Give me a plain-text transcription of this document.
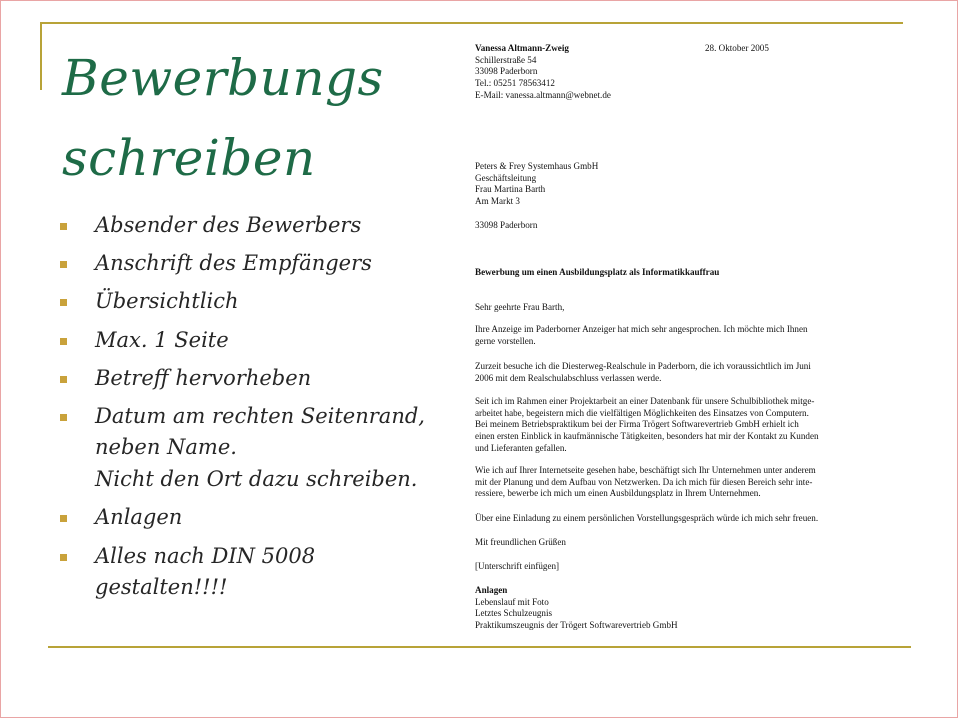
Bewerbungs
schreiben
Absender des Bewerbers
Anschrift des Empfängers
Übersichtlich
Max. 1 Seite
Betreff hervorheben
Datum am rechten Seitenrand, neben Name.
Nicht den Ort dazu schreiben.
Anlagen
Alles nach DIN 5008 gestalten!!!!
Vanessa Altmann-Zweig
Schillerstraße 54
33098 Paderborn
Tel.: 05251 78563412
E-Mail: vanessa.altmann@webnet.de
28. Oktober 2005
Peters & Frey Systemhaus GmbH
Geschäftsleitung
Frau Martina Barth
Am Markt 3
33098 Paderborn
Bewerbung um einen Ausbildungsplatz als Informatikkauffrau
Sehr geehrte Frau Barth,
Ihre Anzeige im Paderborner Anzeiger hat mich sehr angesprochen. Ich möchte mich Ihnen
gerne vorstellen.
Zurzeit besuche ich die Diesterweg-Realschule in Paderborn, die ich voraussichtlich im Juni
2006 mit dem Realschulabschluss verlassen werde.
Seit ich im Rahmen einer Projektarbeit an einer Datenbank für unsere Schulbibliothek mitge-
arbeitet habe, begeistern mich die vielfältigen Möglichkeiten des Einsatzes von Computern.
Bei meinem Betriebspraktikum bei der Firma Trögert Softwarevertrieb GmbH erhielt ich
einen ersten Einblick in kaufmännische Tätigkeiten, besonders hat mir der Kontakt zu Kunden
und Lieferanten gefallen.
Wie ich auf Ihrer Internetseite gesehen habe, beschäftigt sich Ihr Unternehmen unter anderem
mit der Planung und dem Aufbau von Netzwerken. Da ich mich für diesen Bereich sehr inte-
ressiere, bewerbe ich mich um einen Ausbildungsplatz in Ihrem Unternehmen.
Über eine Einladung zu einem persönlichen Vorstellungsgespräch würde ich mich sehr freuen.
Mit freundlichen Grüßen
[Unterschrift einfügen]
Anlagen
Lebenslauf mit Foto
Letztes Schulzeugnis
Praktikumszeugnis der Trögert Softwarevertrieb GmbH
